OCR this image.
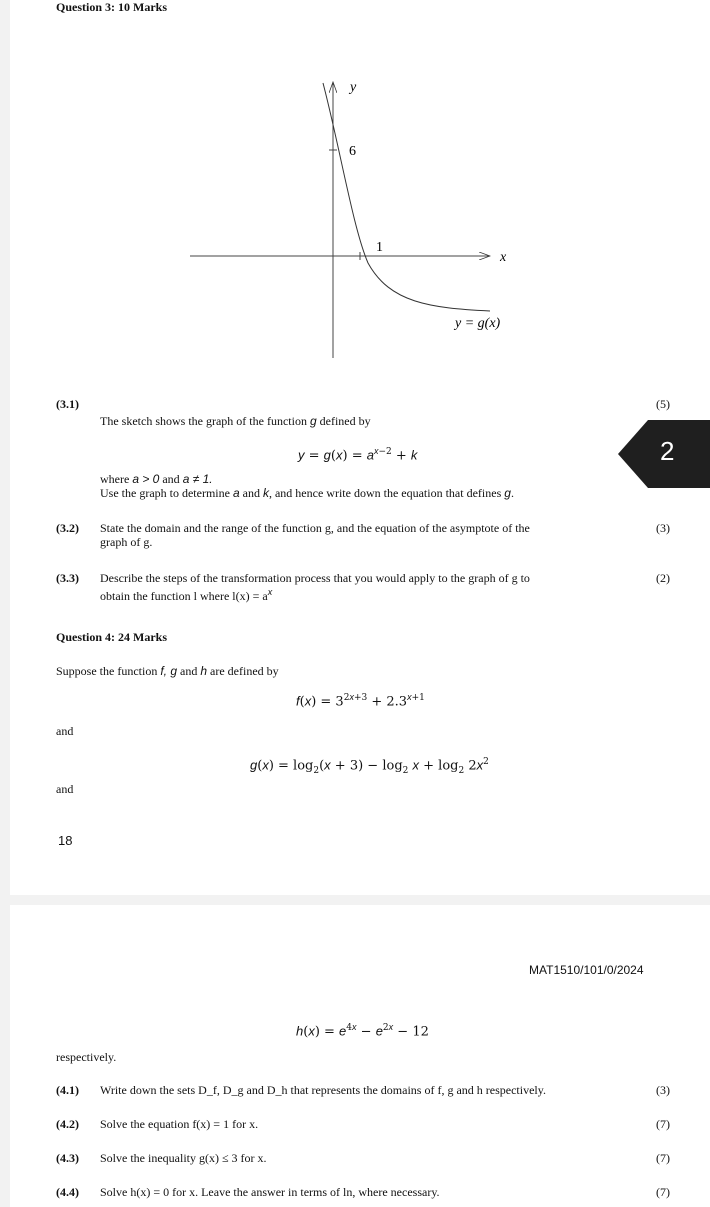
Question 3: 10 Marks
y
x
6
1
y = g(x)
(3.1)	(5)
The sketch shows the graph of the function g defined by
$y = g(x) = a^{x-2} + k$
where a > 0 and a ≠ 1.
Use the graph to determine a and k, and hence write down the equation that defines g.
(3.2)	(3)
State the domain and the range of the function g, and the equation of the asymptote of the
graph of g.
(3.3)	(2)
Describe the steps of the transformation process that you would apply to the graph of g to
obtain the function l where $l(x) = a^x$
Question 4: 24 Marks
Suppose the function f, g and h are defined by
$f(x) = 3^{2x+3} + 2.3^{x+1}$
and
$g(x) = \log_2(x + 3) - \log_2 x + \log_2 2x^2$
and
18
MAT1510/101/0/2024
$h(x) = e^{4x} - e^{2x} - 12$
respectively.
(4.1) Write down the sets D_f, D_g and D_h that represents the domains of f, g and h respectively.	(3)
(4.2) Solve the equation f(x) = 1 for x.	(7)
(4.3) Solve the inequality g(x) ≤ 3 for x.	(7)
(4.4) Solve h(x) = 0 for x. Leave the answer in terms of ln, where necessary.	(7)
2
